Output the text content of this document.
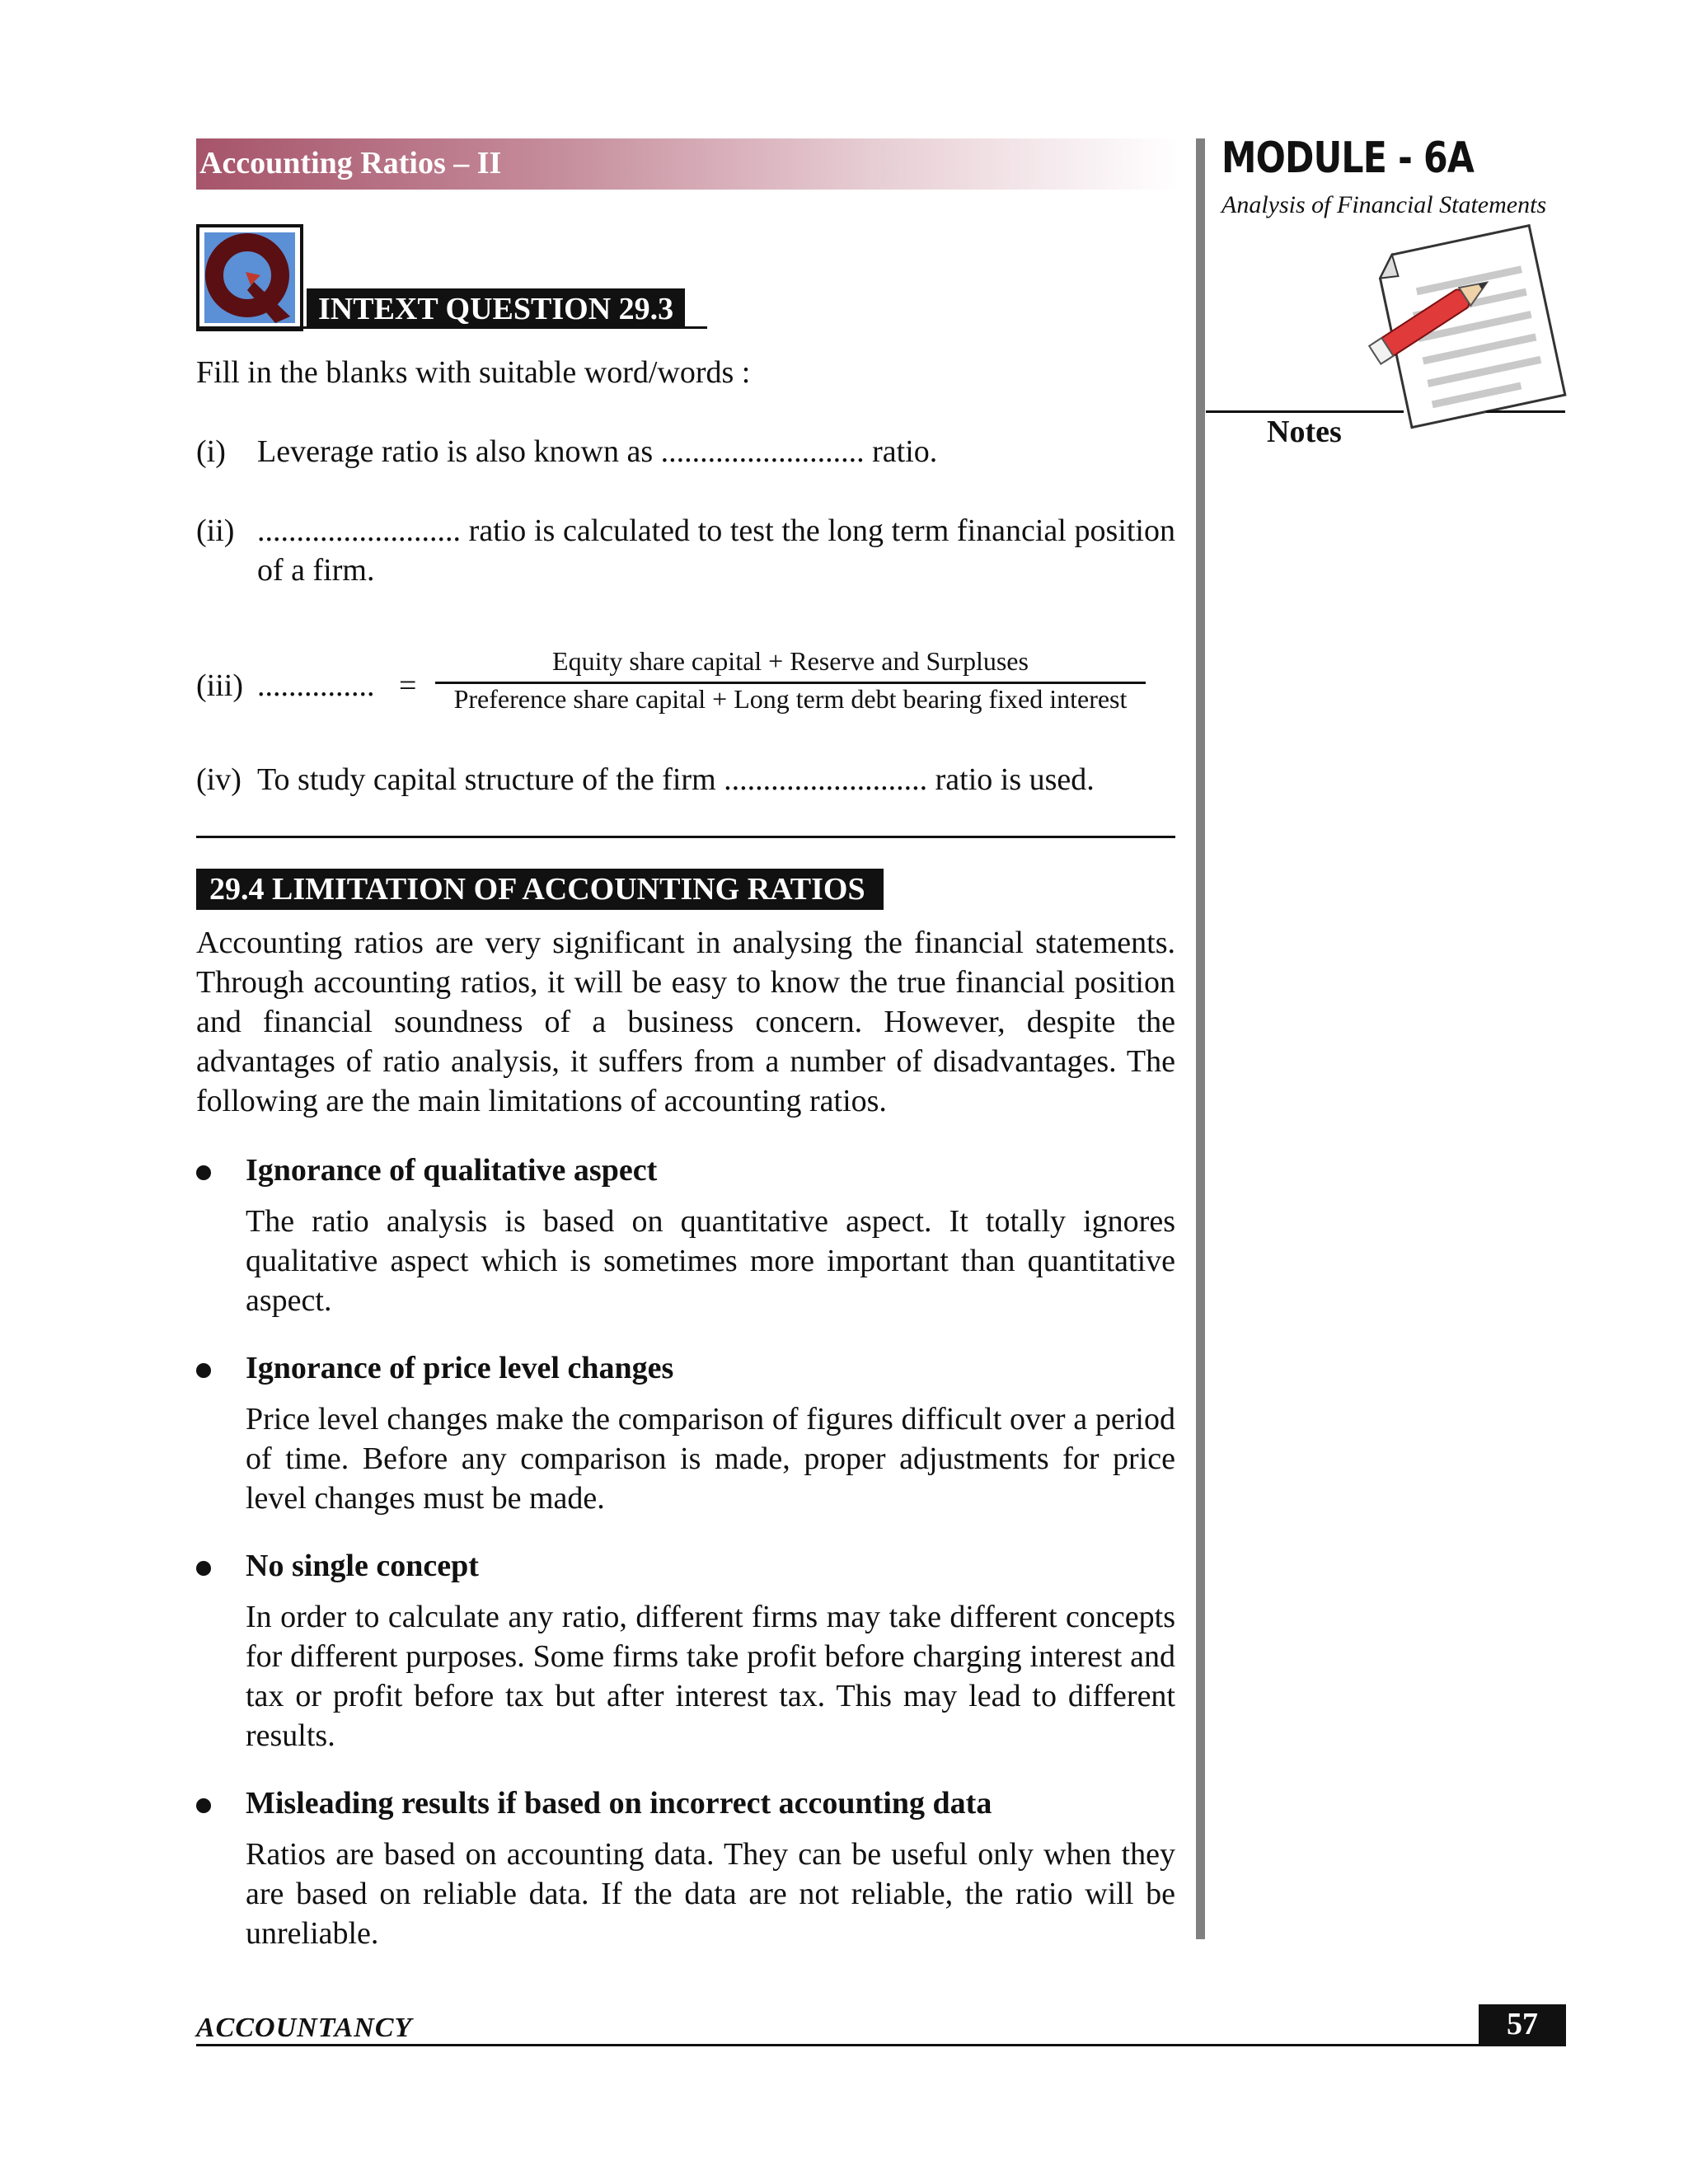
Accounting Ratios – II	MODULE - 6A
Analysis of Financial Statements
Notes
INTEXT QUESTION 29.3
Fill in the blanks with suitable word/words :
(i) Leverage ratio is also known as .......................... ratio.
(ii) .......................... ratio is calculated to test the long term financial position of a firm.
(iii) ............... =
Equity share capital + Reserve and Surpluses
Preference share capital + Long term debt bearing fixed interest
(iv) To study capital structure of the firm .......................... ratio is used.
29.4 LIMITATION OF ACCOUNTING RATIOS
Accounting ratios are very significant in analysing the financial statements. Through accounting ratios, it will be easy to know the true financial position and financial soundness of a business concern. However, despite the advantages of ratio analysis, it suffers from a number of disadvantages. The following are the main limitations of accounting ratios.
Ignorance of qualitative aspect
The ratio analysis is based on quantitative aspect. It totally ignores qualitative aspect which is sometimes more important than quantitative aspect.
Ignorance of price level changes
Price level changes make the comparison of figures difficult over a period of time. Before any comparison is made, proper adjustments for price level changes must be made.
No single concept
In order to calculate any ratio, different firms may take different concepts for different purposes. Some firms take profit before charging interest and tax or profit before tax but after interest tax. This may lead to different results.
Misleading results if based on incorrect accounting data
Ratios are based on accounting data. They can be useful only when they are based on reliable data. If the data are not reliable, the ratio will be unreliable.
ACCOUNTANCY	57
